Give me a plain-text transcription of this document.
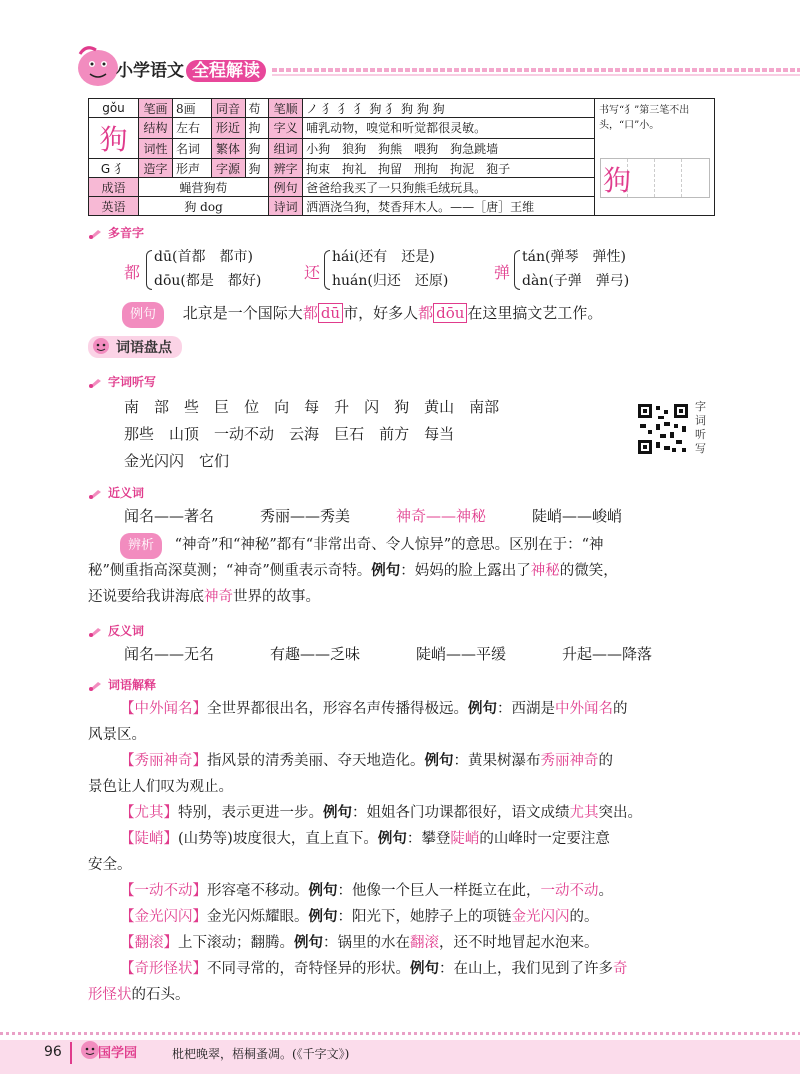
小学语文 全程解读
gǒu	笔画	8画	同音	苟	笔顺	ノ 犭 犭 犭 狗 犭 狗 狗 狗	书写“犭”第三笔不出头，“口”小。
狗	结构	左右	形近	拘	字义	哺乳动物，嗅觉和听觉都很灵敏。	
	词性	名词	繁体	狗	组词	小狗　狼狗　狗熊　喂狗　狗急跳墙	
G 犭	造字	形声	字源	狗	辨字	拘束　拘礼　拘留　刑拘　拘泥　狍子	
成语	蝇营狗苟				例句	爸爸给我买了一只狗熊毛绒玩具。	
英语	狗 dog				诗词	洒酒浇刍狗，焚香拜木人。——［唐］王维	
狗
多音字
都
dū(首都　都市)
dōu(都是　都好)	还
hái(还有　还是)
huán(归还　还原)	弹
tán(弹琴　弹性)
dàn(子弹　弹弓)
例句 北京是一个国际大都 dū 市，好多人都 dōu 在这里搞文艺工作。
词语盘点
字词听写
南 部 些 巨 位 向 每 升 闪 狗 黄山 南部
那些 山顶 一动不动 云海 巨石 前方 每当
金光闪闪 它们
字词听写
近义词
闻名——著名	秀丽——秀美	神奇——神秘	陡峭——峻峭
辨析 “神奇”和“神秘”都有“非常出奇、令人惊异”的意思。区别在于：“神
秘”侧重指高深莫测；“神奇”侧重表示奇特。例句：妈妈的脸上露出了神秘的微笑，
还说要给我讲海底神奇世界的故事。
反义词
闻名——无名	有趣——乏味	陡峭——平缓	升起——降落
词语解释
【中外闻名】全世界都很出名，形容名声传播得极远。例句：西湖是中外闻名的
风景区。
【秀丽神奇】指风景的清秀美丽、夺天地造化。例句：黄果树瀑布秀丽神奇的
景色让人们叹为观止。
【尤其】特别，表示更进一步。例句：姐姐各门功课都很好，语文成绩尤其突出。
【陡峭】(山势等)坡度很大，直上直下。例句：攀登陡峭的山峰时一定要注意
安全。
【一动不动】形容毫不移动。例句：他像一个巨人一样挺立在此，一动不动。
【金光闪闪】金光闪烁耀眼。例句：阳光下，她脖子上的项链金光闪闪的。
【翻滚】上下滚动；翻腾。例句：锅里的水在翻滚，还不时地冒起水泡来。
【奇形怪状】不同寻常的，奇特怪异的形状。例句：在山上，我们见到了许多奇
形怪状的石头。
96	国学园	枇杷晚翠，梧桐蚤凋。(《千字文》)
